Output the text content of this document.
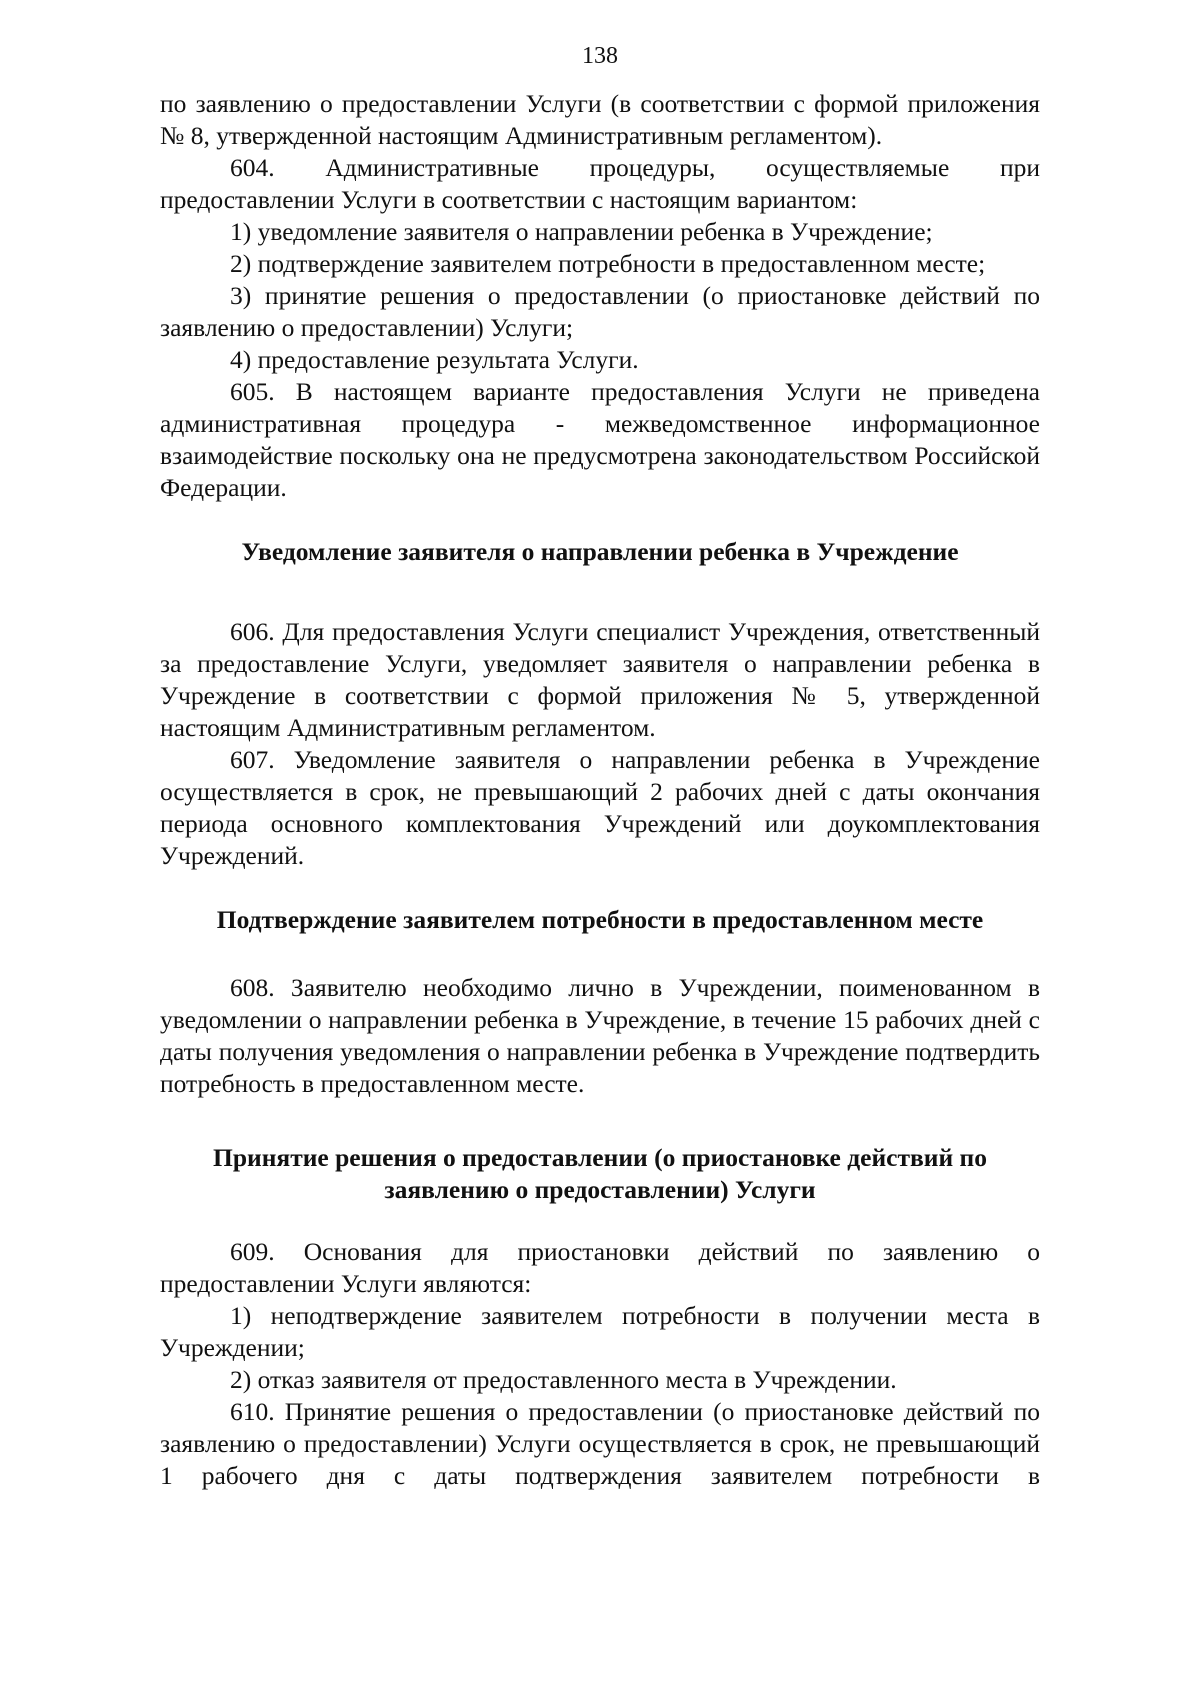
138

по заявлению о предоставлении Услуги (в соответствии с формой приложения № 8, утвержденной настоящим Административным регламентом).

604. Административные процедуры, осуществляемые при предоставлении Услуги в соответствии с настоящим вариантом:

1) уведомление заявителя о направлении ребенка в Учреждение;

2) подтверждение заявителем потребности в предоставленном месте;

3) принятие решения о предоставлении (о приостановке действий по заявлению о предоставлении) Услуги;

4) предоставление результата Услуги.

605. В настоящем варианте предоставления Услуги не приведена административная процедура - межведомственное информационное взаимодействие поскольку она не предусмотрена законодательством Российской Федерации.

Уведомление заявителя о направлении ребенка в Учреждение

606. Для предоставления Услуги специалист Учреждения, ответственный за предоставление Услуги, уведомляет заявителя о направлении ребенка в Учреждение в соответствии с формой приложения № 5, утвержденной настоящим Административным регламентом.

607. Уведомление заявителя о направлении ребенка в Учреждение осуществляется в срок, не превышающий 2 рабочих дней с даты окончания периода основного комплектования Учреждений или доукомплектования Учреждений.

Подтверждение заявителем потребности в предоставленном месте

608. Заявителю необходимо лично в Учреждении, поименованном в уведомлении о направлении ребенка в Учреждение, в течение 15 рабочих дней с даты получения уведомления о направлении ребенка в Учреждение подтвердить потребность в предоставленном месте.

Принятие решения о предоставлении (о приостановке действий по
заявлению о предоставлении) Услуги

609. Основания для приостановки действий по заявлению о предоставлении Услуги являются:

1) неподтверждение заявителем потребности в получении места в Учреждении;

2) отказ заявителя от предоставленного места в Учреждении.

610. Принятие решения о предоставлении (о приостановке действий по заявлению о предоставлении) Услуги осуществляется в срок, не превышающий 1 рабочего дня с даты подтверждения заявителем потребности в
